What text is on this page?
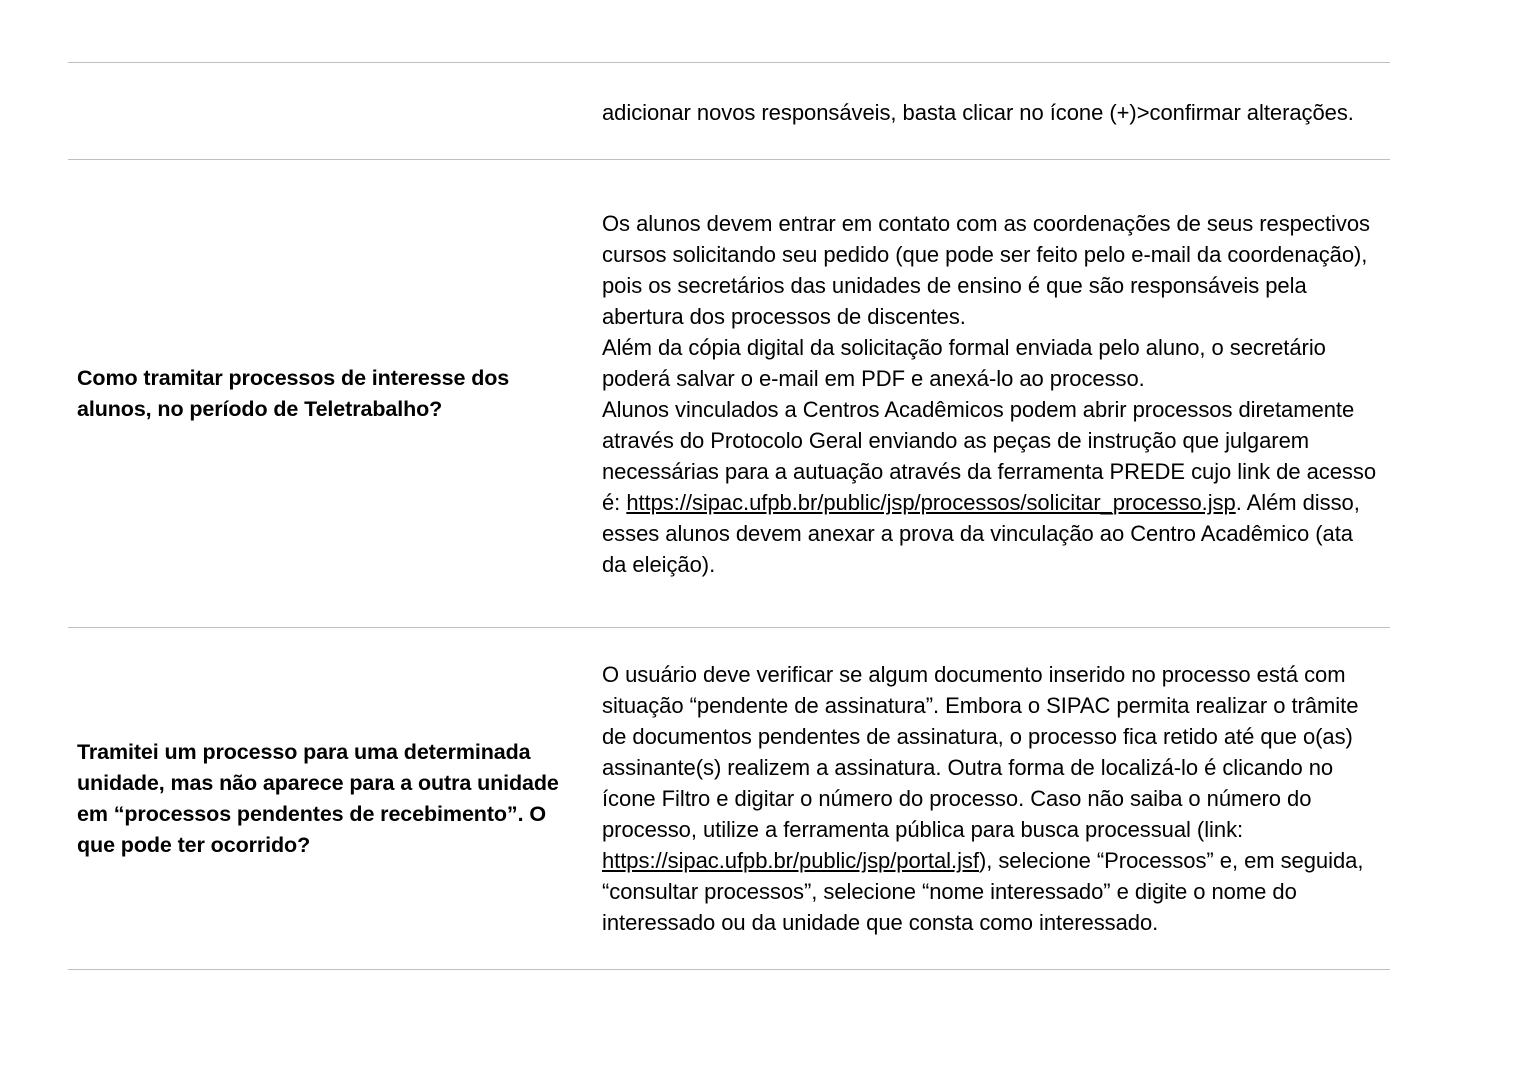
	adicionar novos responsáveis, basta clicar no ícone (+)>confirmar alterações.

Como tramitar processos de interesse dos alunos, no período de Teletrabalho?	Os alunos devem entrar em contato com as coordenações de seus respectivos cursos solicitando seu pedido (que pode ser feito pelo e-mail da coordenação), pois os secretários das unidades de ensino é que são responsáveis pela abertura dos processos de discentes.

Além da cópia digital da solicitação formal enviada pelo aluno, o secretário poderá salvar o e-mail em PDF e anexá-lo ao processo.

Alunos vinculados a Centros Acadêmicos podem abrir processos diretamente através do Protocolo Geral enviando as peças de instrução que julgarem necessárias para a autuação através da ferramenta PREDE cujo link de acesso é: https://sipac.ufpb.br/public/jsp/processos/solicitar_processo.jsp. Além disso, esses alunos devem anexar a prova da vinculação ao Centro Acadêmico (ata da eleição).

Tramitei um processo para uma determinada unidade, mas não aparece para a outra unidade em “processos pendentes de recebimento”. O que pode ter ocorrido?	O usuário deve verificar se algum documento inserido no processo está com situação “pendente de assinatura”. Embora o SIPAC permita realizar o trâmite de documentos pendentes de assinatura, o processo fica retido até que o(as) assinante(s) realizem a assinatura. Outra forma de localizá-lo é clicando no ícone Filtro e digitar o número do processo. Caso não saiba o número do processo, utilize a ferramenta pública para busca processual (link: https://sipac.ufpb.br/public/jsp/portal.jsf), selecione “Processos” e, em seguida, “consultar processos”, selecione “nome interessado” e digite o nome do interessado ou da unidade que consta como interessado.
